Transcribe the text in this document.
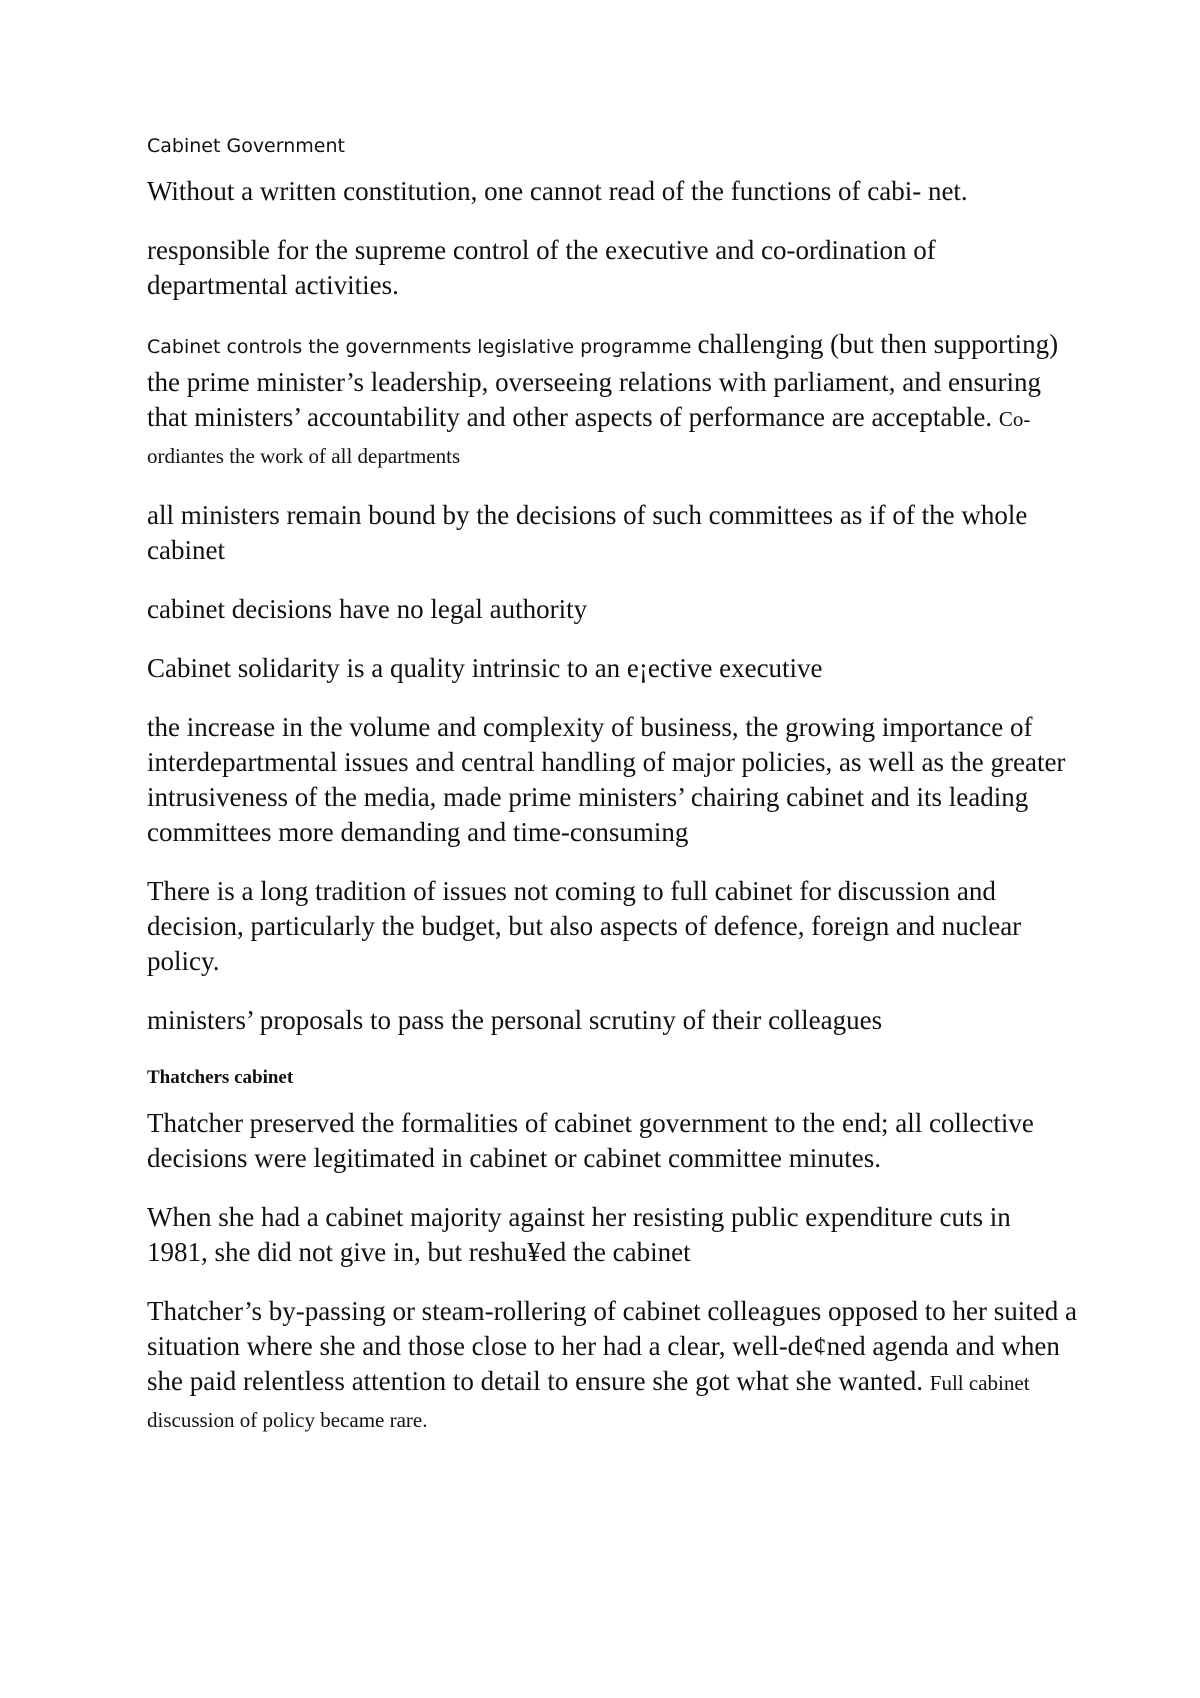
Cabinet Government

Without a written constitution, one cannot read of the functions of cabi- net.

responsible for the supreme control of the executive and co-ordination of departmental activities.

Cabinet controls the governments legislative programme challenging (but then supporting) the prime minister’s leadership, overseeing relations with parliament, and ensuring that ministers’ accountability and other aspects of performance are acceptable. Co-ordiantes the work of all departments

all ministers remain bound by the decisions of such committees as if of the whole cabinet

cabinet decisions have no legal authority

Cabinet solidarity is a quality intrinsic to an e¡ective executive

the increase in the volume and complexity of business, the growing importance of interdepartmental issues and central handling of major policies, as well as the greater intrusiveness of the media, made prime ministers’ chairing cabinet and its leading committees more demanding and time-consuming

There is a long tradition of issues not coming to full cabinet for discussion and decision, particularly the budget, but also aspects of defence, foreign and nuclear policy.

ministers’ proposals to pass the personal scrutiny of their colleagues

Thatchers cabinet

Thatcher preserved the formalities of cabinet government to the end; all collective decisions were legitimated in cabinet or cabinet committee minutes.

When she had a cabinet majority against her resisting public expenditure cuts in 1981, she did not give in, but reshu¥ed the cabinet

Thatcher’s by-passing or steam-rollering of cabinet colleagues opposed to her suited a situation where she and those close to her had a clear, well-de¢ned agenda and when she paid relentless attention to detail to ensure she got what she wanted. Full cabinet discussion of policy became rare.
